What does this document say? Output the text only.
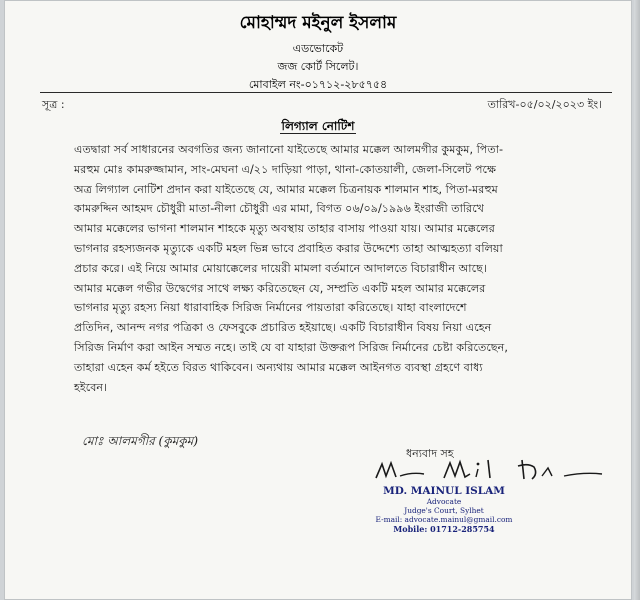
মোহাম্মদ মইনুল ইসলাম
এডভোকেট
জজ কোর্ট সিলেট।
মোবাইল নং-০১৭১২-২৮৫৭৫৪
সূত্র :	তারিখ-০৫/০২/২০২৩ ইং।
লিগ্যাল নোটিশ
এতদ্বারা সর্ব সাধারনের অবগতির জন্য জানানো যাইতেছে আমার মক্কেল আলমগীর কুমকুম, পিতা-
মরহুম মোঃ কামরুজ্জামান, সাং-মেঘনা এ/২১ দাড়িয়া পাড়া, থানা-কোতয়ালী, জেলা-সিলেট পক্ষে
অত্র লিগ্যাল নোটিশ প্রদান করা যাইতেছে যে, আমার মক্কেল চিত্রনায়ক শালমান শাহ, পিতা-মরহুম
কামরুদ্দিন আহমদ চৌধুরী মাতা-নীলা চৌধুরী এর মামা, বিগত ০৬/০৯/১৯৯৬ ইংরাজী তারিখে
আমার মক্কেলের ভাগনা শালমান শাহকে মৃত্যু অবস্থায় তাহার বাসায় পাওয়া যায়। আমার মক্কেলের
ভাগনার রহস্যজনক মৃত্যুকে একটি মহল ভিন্ন ভাবে প্রবাহিত করার উদ্দেশ্যে তাহা আত্মহত্যা বলিয়া
প্রচার করে। এই নিয়ে আমার মোয়াক্কেলের দায়েরী মামলা বর্তমানে আদালতে বিচারাধীন আছে।
আমার মক্কেল গভীর উদ্বেগের সাথে লক্ষ্য করিতেছেন যে, সম্প্রতি একটি মহল আমার মক্কেলের
ভাগনার মৃত্যু রহস্য নিয়া ধারাবাহিক সিরিজ নির্মানের পায়তারা করিতেছে। যাহা বাংলাদেশে
প্রতিদিন, আনন্দ নগর পত্রিকা ও ফেসবুকে প্রচারিত হইয়াছে। একটি বিচারাধীন বিষয় নিয়া এহেন
সিরিজ নির্মাণ করা আইন সম্মত নহে। তাই যে বা যাহারা উক্তরূপ সিরিজ নির্মানের চেষ্টা করিতেছেন,
তাহারা এহেন কর্ম হইতে বিরত থাকিবেন। অন্যথায় আমার মক্কেল আইনগত ব্যবস্থা গ্রহণে বাধ্য
হইবেন।
মোঃ আলমগীর (কুমকুম)
ধন্যবাদ সহ
MD. MAINUL ISLAM
Advocate
Judge's Court, Sylhet
E-mail: advocate.mainul@gmail.com
Mobile: 01712-285754
